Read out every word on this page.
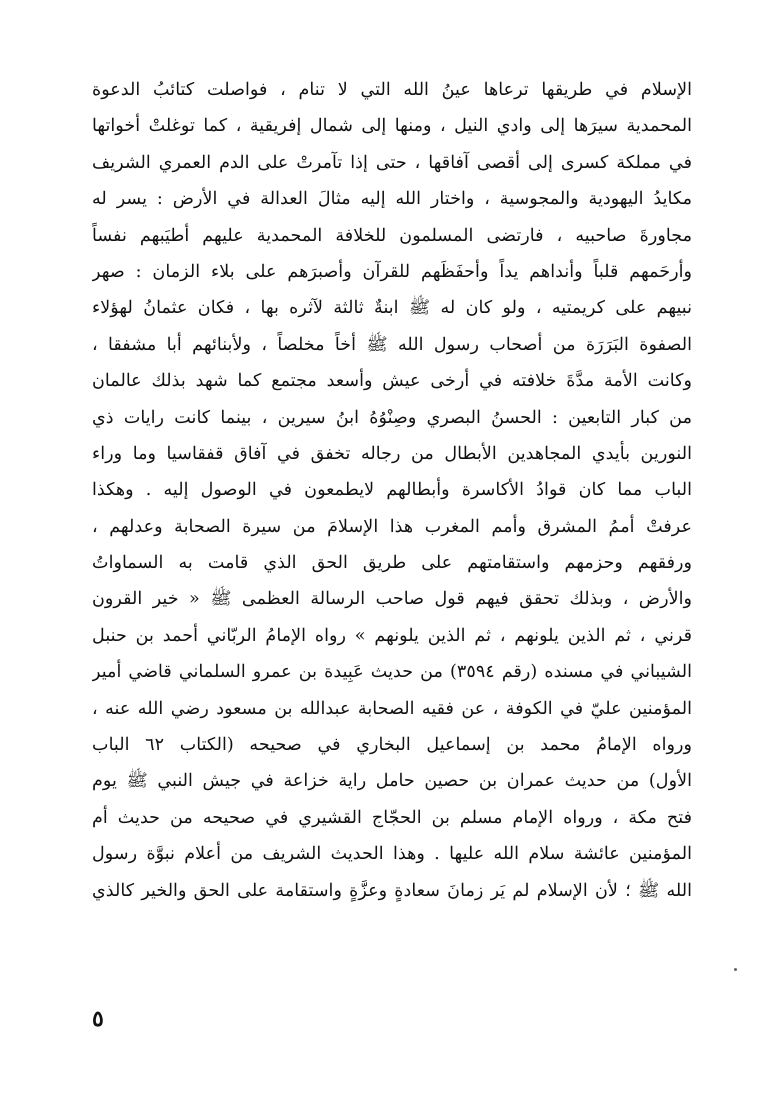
الإسلام في طريقها ترعاها عينُ الله التي لا تنام ، فواصلت كتائبُ الدعوة
المحمدية سيرَها إلى وادي النيل ، ومنها إلى شمال إفريقية ، كما توغلتْ أخواتها
في مملكة كسرى إلى أقصى آفاقها ، حتى إذا تآمرتْ على الدم العمري الشريف
مكايدُ اليهودية والمجوسية ، واختار الله إليه مثالَ العدالة في الأرض : يسر له
مجاورةَ صاحبيه ، فارتضى المسلمون للخلافة المحمدية عليهم أطيَبهم نفساً
وأرحَمهم قلباً وأنداهم يداً وأحفَظَهم للقرآن وأصبرَهم على بلاء الزمان : صهر
نبيهم على كريمتيه ، ولو كان له ﷺ ابنةٌ ثالثة لآثره بها ، فكان عثمانُ لهؤلاء
الصفوة البَرَرَة من أصحاب رسول الله ﷺ أخاً مخلصاً ، ولأبنائهم أبا مشفقا ،
وكانت الأمة مدَّةَ خلافته في أرخى عيش وأسعد مجتمع كما شهد بذلك عالمان
من كبار التابعين : الحسنُ البصري وصِنْوُهُ ابنُ سيرين ، بينما كانت رايات ذي
النورين بأيدي المجاهدين الأبطال من رجاله تخفق في آفاق قفقاسيا وما وراء
الباب مما كان قوادُ الأكاسرة وأبطالهم لايطمعون في الوصول إليه . وهكذا
عرفتْ أممُ المشرق وأمم المغرب هذا الإسلامَ من سيرة الصحابة وعدلهم ،
ورفقهم وحزمهم واستقامتهم على طريق الحق الذي قامت به السماواتُ
والأرض ، وبذلك تحقق فيهم قول صاحب الرسالة العظمى ﷺ « خير القرون
قرني ، ثم الذين يلونهم ، ثم الذين يلونهم » رواه الإمامُ الربّاني أحمد بن حنبل
الشيباني في مسنده (رقم ٣٥٩٤) من حديث عَبِيدة بن عمرو السلماني قاضي أمير
المؤمنين عليّ في الكوفة ، عن فقيه الصحابة عبدالله بن مسعود رضي الله عنه ،
ورواه الإمامُ محمد بن إسماعيل البخاري في صحيحه (الكتاب ٦٢ الباب
الأول) من حديث عمران بن حصين حامل راية خزاعة في جيش النبي ﷺ يوم
فتح مكة ، ورواه الإمام مسلم بن الحجّاج القشيري في صحيحه من حديث أم
المؤمنين عائشة سلام الله عليها . وهذا الحديث الشريف من أعلام نبوَّة رسول
الله ﷺ ؛ لأن الإسلام لم يَر زمانَ سعادةٍ وعزَّةٍ واستقامة على الحق والخير كالذي
٥
